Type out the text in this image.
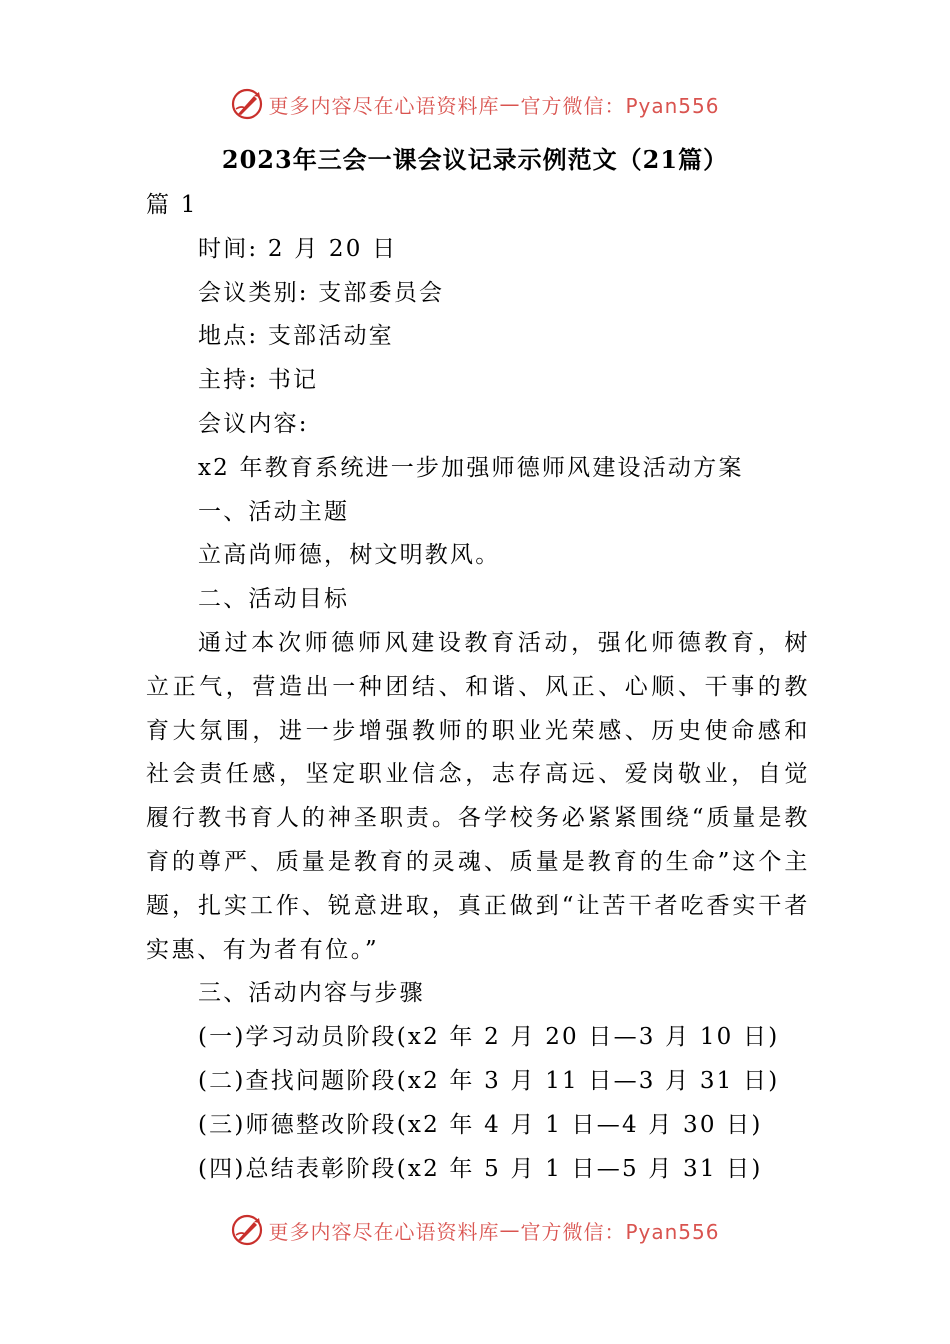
更多内容尽在心语资料库 — 官方微信：Pyan556
2023年三会一课会议记录示例范文（21篇）

篇 1

时间: 2 月 20 日

会议类别: 支部委员会

地点: 支部活动室

主持: 书记

会议内容:

x2 年教育系统进一步加强师德师风建设活动方案

一、活动主题

立高尚师德，树文明教风。

二、活动目标

通过本次师德师风建设教育活动，强化师德教育，树立正气，营造出一种团结、和谐、风正、心顺、干事的教育大氛围，进一步增强教师的职业光荣感、历史使命感和社会责任感，坚定职业信念，志存高远、爱岗敬业，自觉履行教书育人的神圣职责。各学校务必紧紧围绕“质量是教育的尊严、质量是教育的灵魂、质量是教育的生命”这个主题，扎实工作、锐意进取，真正做到“让苦干者吃香实干者实惠、有为者有位。”

三、活动内容与步骤

(一)学习动员阶段(x2 年 2 月 20 日—3 月 10 日)

(二)查找问题阶段(x2 年 3 月 11 日—3 月 31 日)

(三)师德整改阶段(x2 年 4 月 1 日—4 月 30 日)

(四)总结表彰阶段(x2 年 5 月 1 日—5 月 31 日)

更多内容尽在心语资料库 — 官方微信：Pyan556
